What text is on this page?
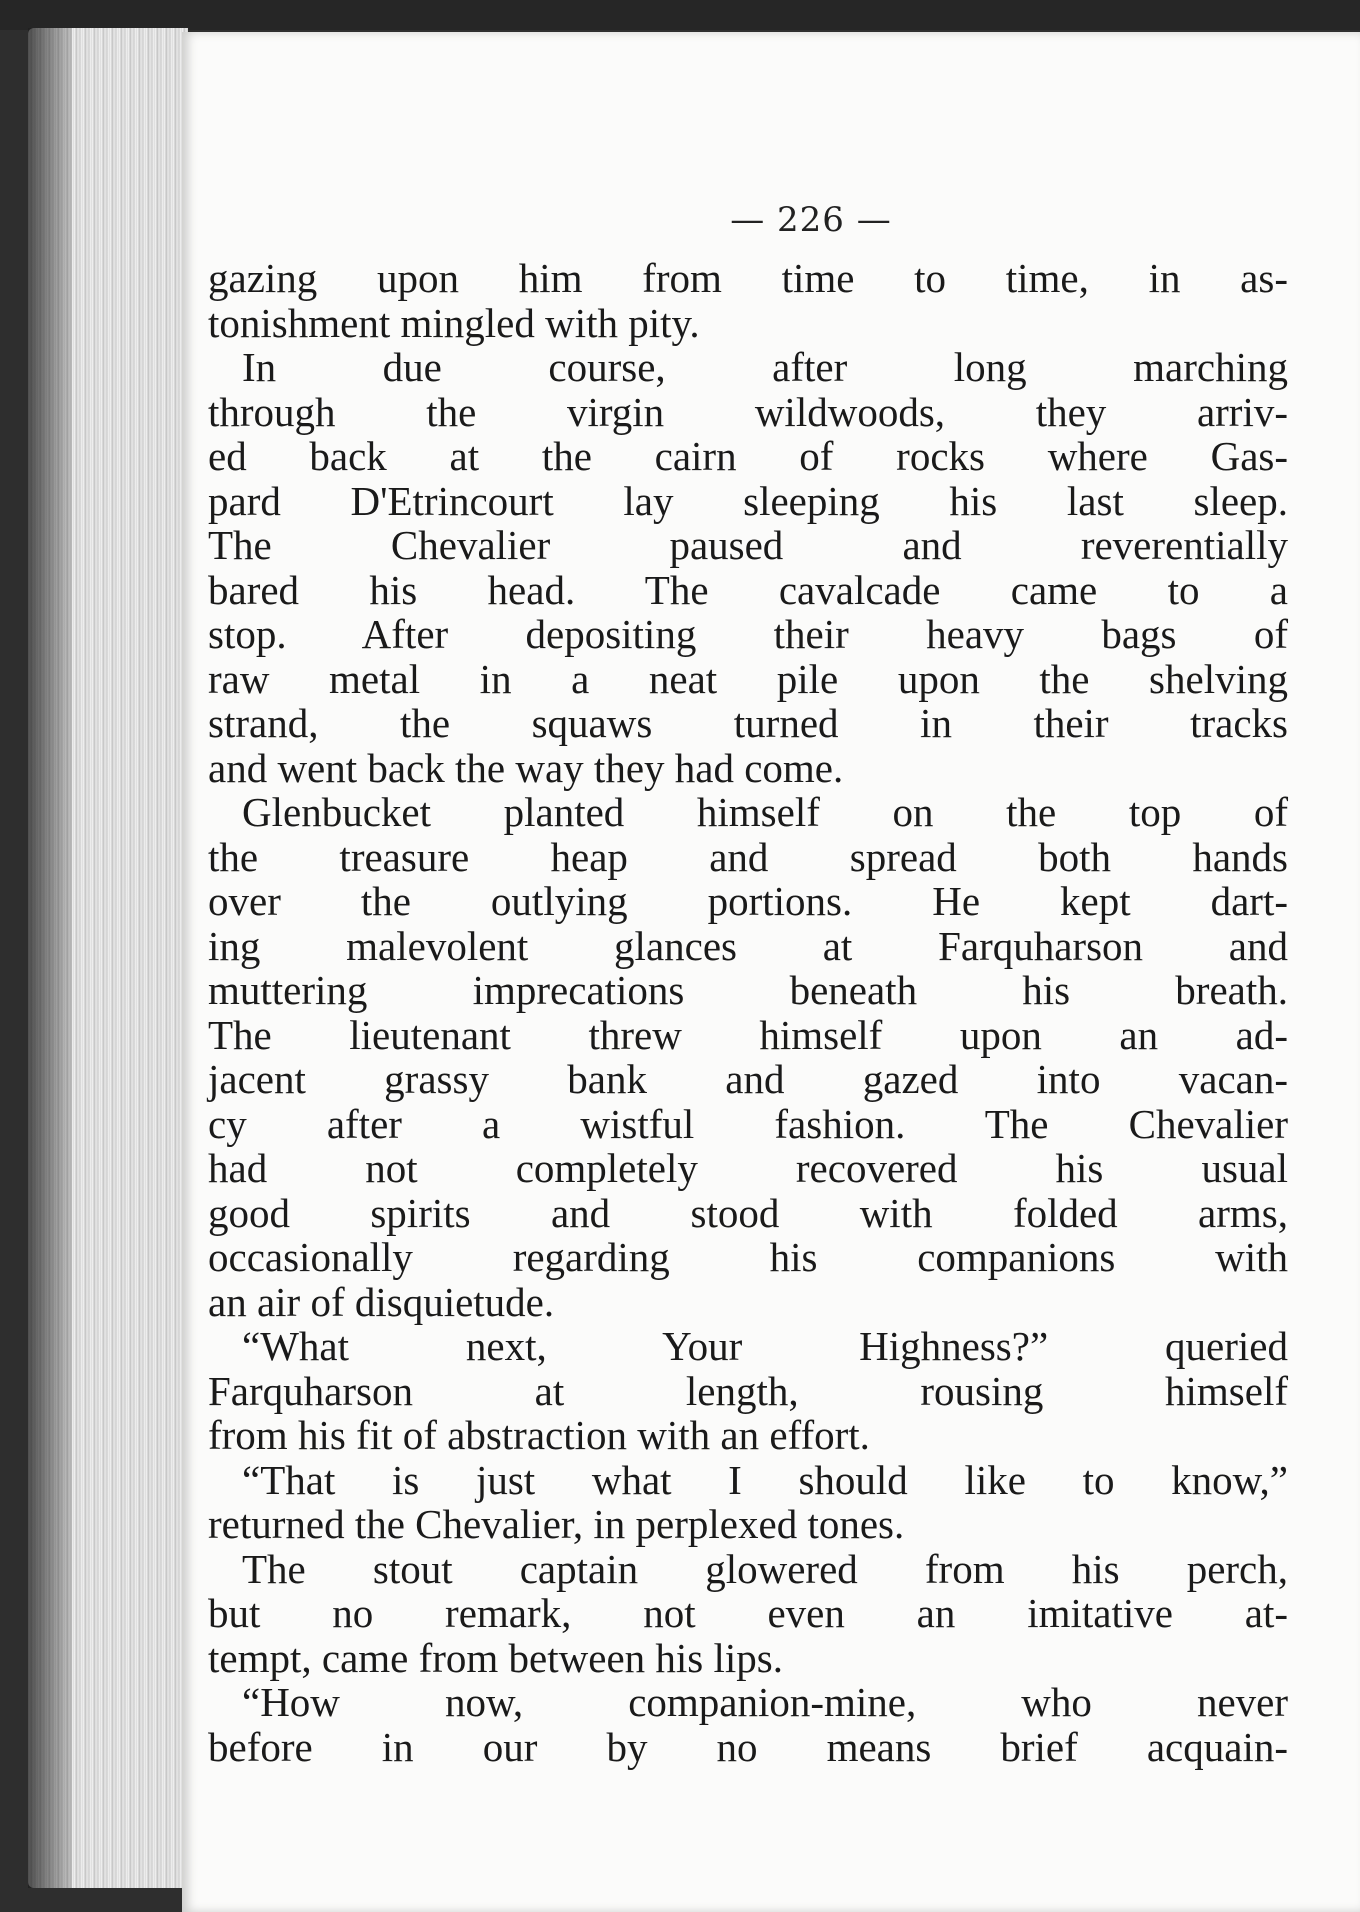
— 226 —
gazing upon him from time to time, in as-
tonishment mingled with pity.
In due course, after long marching
through the virgin wildwoods, they arriv-
ed back at the cairn of rocks where Gas-
pard D'Etrincourt lay sleeping his last sleep.
The Chevalier paused and reverentially
bared his head. The cavalcade came to a
stop. After depositing their heavy bags of
raw metal in a neat pile upon the shelving
strand, the squaws turned in their tracks
and went back the way they had come.
Glenbucket planted himself on the top of
the treasure heap and spread both hands
over the outlying portions. He kept dart-
ing malevolent glances at Farquharson and
muttering imprecations beneath his breath.
The lieutenant threw himself upon an ad-
jacent grassy bank and gazed into vacan-
cy after a wistful fashion. The Chevalier
had not completely recovered his usual
good spirits and stood with folded arms,
occasionally regarding his companions with
an air of disquietude.
“What next, Your Highness?” queried
Farquharson at length, rousing himself
from his fit of abstraction with an effort.
“That is just what I should like to know,”
returned the Chevalier, in perplexed tones.
The stout captain glowered from his perch,
but no remark, not even an imitative at-
tempt, came from between his lips.
“How now, companion-mine, who never
before in our by no means brief acquain-
